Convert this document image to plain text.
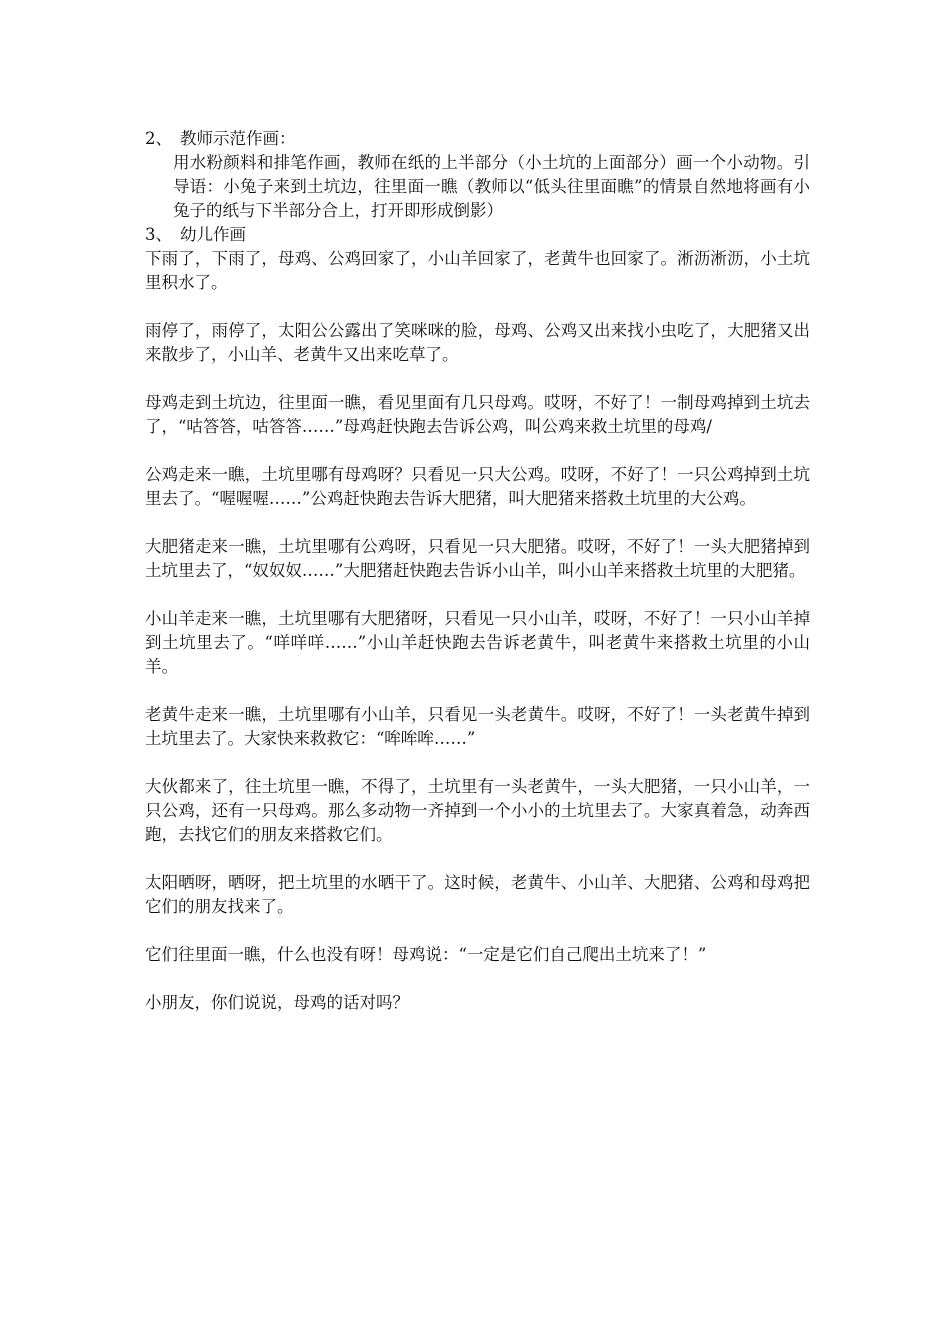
2、 教师示范作画：

用水粉颜料和排笔作画，教师在纸的上半部分（小土坑的上面部分）画一个小动物。引导语：小兔子来到土坑边，往里面一瞧（教师以“低头往里面瞧”的情景自然地将画有小兔子的纸与下半部分合上，打开即形成倒影）

3、 幼儿作画

下雨了，下雨了，母鸡、公鸡回家了，小山羊回家了，老黄牛也回家了。淅沥淅沥，小土坑里积水了。

雨停了，雨停了，太阳公公露出了笑咪咪的脸，母鸡、公鸡又出来找小虫吃了，大肥猪又出来散步了，小山羊、老黄牛又出来吃草了。

母鸡走到土坑边，往里面一瞧，看见里面有几只母鸡。哎呀，不好了！一制母鸡掉到土坑去了，“咕答答，咕答答……”母鸡赶快跑去告诉公鸡，叫公鸡来救土坑里的母鸡/

公鸡走来一瞧，土坑里哪有母鸡呀？只看见一只大公鸡。哎呀，不好了！一只公鸡掉到土坑里去了。“喔喔喔……”公鸡赶快跑去告诉大肥猪，叫大肥猪来搭救土坑里的大公鸡。

大肥猪走来一瞧，土坑里哪有公鸡呀，只看见一只大肥猪。哎呀，不好了！一头大肥猪掉到土坑里去了，“奴奴奴……”大肥猪赶快跑去告诉小山羊，叫小山羊来搭救土坑里的大肥猪。

小山羊走来一瞧，土坑里哪有大肥猪呀，只看见一只小山羊，哎呀，不好了！一只小山羊掉到土坑里去了。“咩咩咩……”小山羊赶快跑去告诉老黄牛，叫老黄牛来搭救土坑里的小山羊。

老黄牛走来一瞧，土坑里哪有小山羊，只看见一头老黄牛。哎呀，不好了！一头老黄牛掉到土坑里去了。大家快来救救它：“哞哞哞……”

大伙都来了，往土坑里一瞧，不得了，土坑里有一头老黄牛，一头大肥猪，一只小山羊，一只公鸡，还有一只母鸡。那么多动物一齐掉到一个小小的土坑里去了。大家真着急，动奔西跑，去找它们的朋友来搭救它们。

太阳晒呀，晒呀，把土坑里的水晒干了。这时候，老黄牛、小山羊、大肥猪、公鸡和母鸡把它们的朋友找来了。

它们往里面一瞧，什么也没有呀！母鸡说：“一定是它们自己爬出土坑来了！”

小朋友，你们说说，母鸡的话对吗？
